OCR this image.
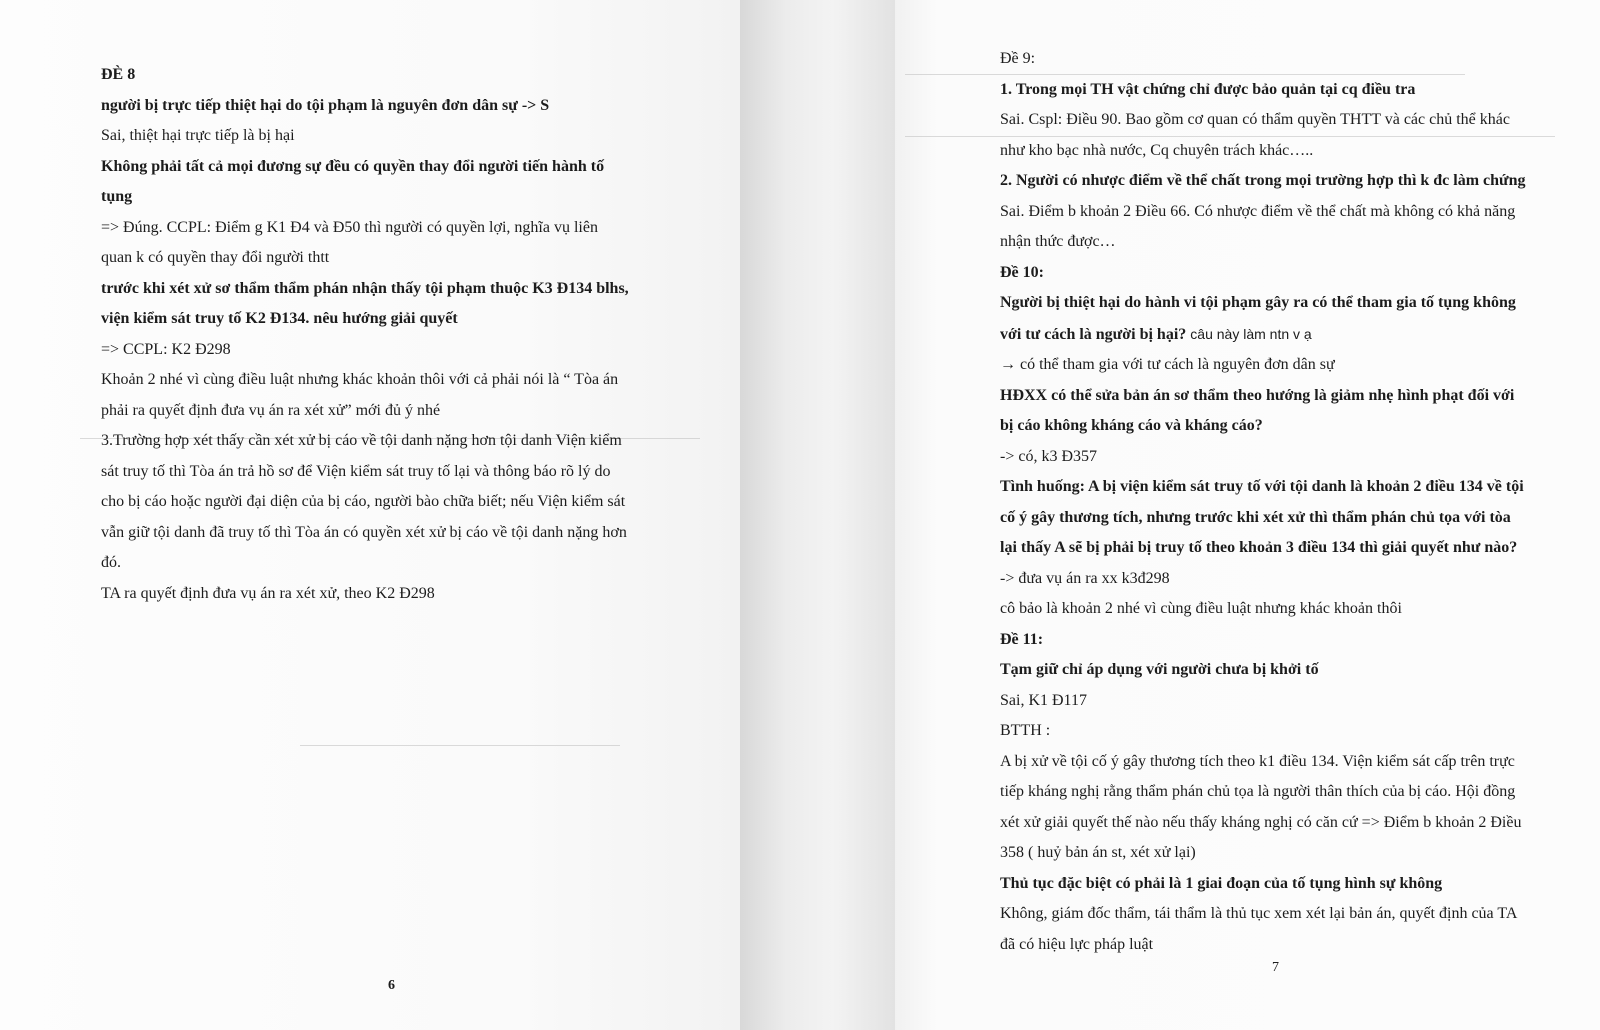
ĐÈ 8

người bị trực tiếp thiệt hại do tội phạm là nguyên đơn dân sự -> S

Sai, thiệt hại trực tiếp là bị hại

Không phải tất cả mọi đương sự đều có quyền thay đổi người tiến hành tố

tụng

=> Đúng. CCPL: Điểm g K1 Đ4 và Đ50 thì người có quyền lợi, nghĩa vụ liên

quan k có quyền thay đổi người thtt

trước khi xét xử sơ thẩm thẩm phán nhận thấy tội phạm thuộc K3 Đ134 blhs,

viện kiểm sát truy tố K2 Đ134. nêu hướng giải quyết

=> CCPL: K2 Đ298

Khoản 2 nhé vì cùng điều luật nhưng khác khoản thôi với cả phải nói là “ Tòa án

phải ra quyết định đưa vụ án ra xét xử” mới đủ ý nhé

3.Trường hợp xét thấy cần xét xử bị cáo về tội danh nặng hơn tội danh Viện kiểm

sát truy tố thì Tòa án trả hồ sơ để Viện kiểm sát truy tố lại và thông báo rõ lý do

cho bị cáo hoặc người đại diện của bị cáo, người bào chữa biết; nếu Viện kiểm sát

vẫn giữ tội danh đã truy tố thì Tòa án có quyền xét xử bị cáo về tội danh nặng hơn

đó.

TA ra quyết định đưa vụ án ra xét xử, theo K2 Đ298

Đề 9:

1. Trong mọi TH vật chứng chỉ được bảo quản tại cq điều tra

Sai. Cspl: Điều 90. Bao gồm cơ quan có thẩm quyền THTT và các chủ thể khác

như kho bạc nhà nước, Cq chuyên trách khác…..

2. Người có nhược điểm về thể chất trong mọi trường hợp thì k đc làm chứng

Sai. Điểm b khoản 2 Điều 66. Có nhược điểm về thể chất mà không có khả năng

nhận thức được…

Đề 10:

Người bị thiệt hại do hành vi tội phạm gây ra có thể tham gia tố tụng không

với tư cách là người bị hại? câu này làm ntn v ạ

→ có thể tham gia với tư cách là nguyên đơn dân sự

HĐXX có thể sửa bản án sơ thẩm theo hướng là giảm nhẹ hình phạt đối với

bị cáo không kháng cáo và kháng cáo?

-> có, k3 Đ357

Tình huống: A bị viện kiểm sát truy tố với tội danh là khoản 2 điều 134 về tội

cố ý gây thương tích, nhưng trước khi xét xử thì thẩm phán chủ tọa với tòa

lại thấy A sẽ bị phải bị truy tố theo khoản 3 điều 134 thì giải quyết như nào?

-> đưa vụ án ra xx k3đ298

cô bảo là khoản 2 nhé vì cùng điều luật nhưng khác khoản thôi

Đề 11:

Tạm giữ chỉ áp dụng với người chưa bị khởi tố

Sai, K1 Đ117

BTTH :

A bị xử về tội cố ý gây thương tích theo k1 điều 134. Viện kiểm sát cấp trên trực

tiếp kháng nghị rằng thẩm phán chủ tọa là người thân thích của bị cáo. Hội đồng

xét xử giải quyết thế nào nếu thấy kháng nghị có căn cứ => Điểm b khoản 2 Điều

358 ( huỷ bản án st, xét xử lại)

Thủ tục đặc biệt có phải là 1 giai đoạn của tố tụng hình sự không

Không, giám đốc thẩm, tái thẩm là thủ tục xem xét lại bản án, quyết định của TA

đã có hiệu lực pháp luật

6
7
